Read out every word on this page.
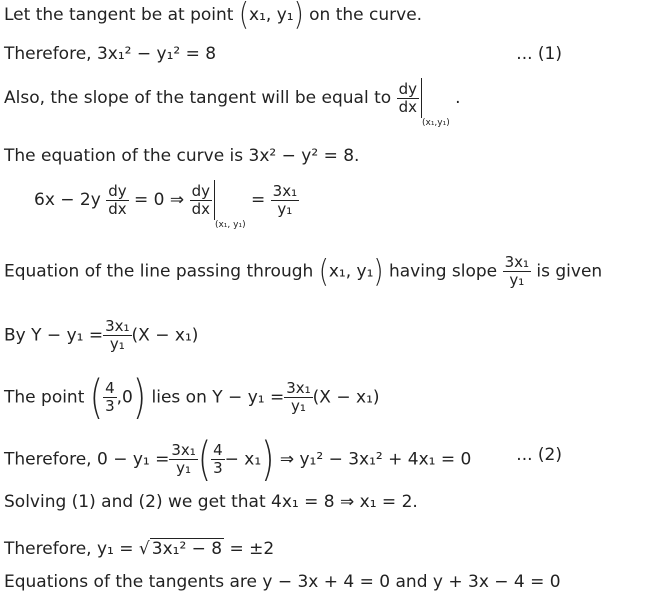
Let the tangent be at point (x₁, y₁) on the curve.
Therefore, 3x₁² − y₁² = 8	... (1)
Also, the slope of the tangent will be equal to $\frac{dy}{dx}$
$_{(x_1,y_1)}$ .
The equation of the curve is 3x² − y² = 8.
$6x - 2y \frac{dy}{dx} = 0$ ⇒ $\frac{dy}{dx}$
$_{(x_1, y_1)} = \frac{\text{3x₁}}{\text{y₁}}$
Equation of the line passing through (x₁, y₁) having slope $\frac{\text{3x₁}}{\text{y₁}}$ is given
By $Y - y_1 = \frac{\text{3x₁}}{\text{y₁}} (X - x_1)$
The point ( $\frac{4}{3} ,0$) lies on $Y - y_1 = \frac{\text{3x₁}}{\text{y₁}} (X - x_1)$
Therefore, $0 - y_1 = \frac{\text{3x₁}}{\text{y₁}}$ ( $\frac{4}{3} - x_1$) ⇒ y₁² − 3x₁² + 4x₁ = 0	... (2)
Solving (1) and (2) we get that 4x₁ = 8 ⇒ x₁ = 2.
Therefore, y₁ = √ 3x₁² − 8 = ±2
Equations of the tangents are y − 3x + 4 = 0 and y + 3x − 4 = 0
